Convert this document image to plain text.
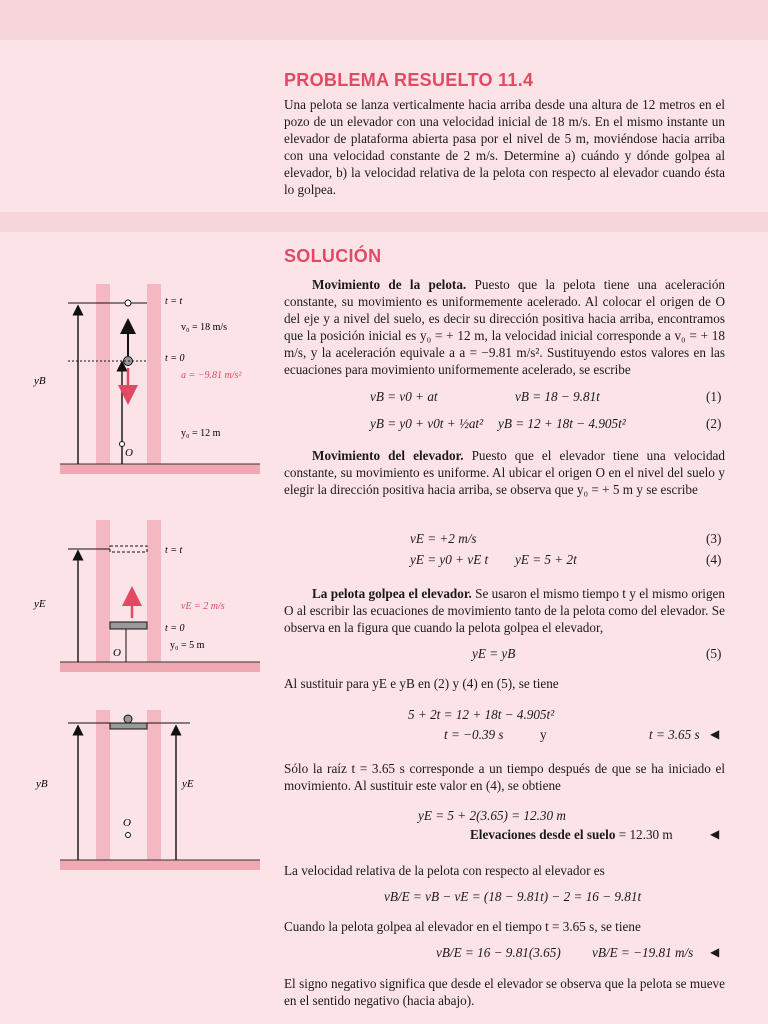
PROBLEMA RESUELTO 11.4
Una pelota se lanza verticalmente hacia arriba desde una altura de 12 metros en el pozo de un elevador con una velocidad inicial de 18 m/s. En el mismo instante un elevador de plataforma abierta pasa por el nivel de 5 m, moviéndose hacia arriba con una velocidad constante de 2 m/s. Determine a) cuándo y dónde golpea al elevador, b) la velocidad relativa de la pelota con respecto al elevador cuando ésta lo golpea.
SOLUCIÓN
Movimiento de la pelota. Puesto que la pelota tiene una aceleración constante, su movimiento es uniformemente acelerado. Al colocar el origen de O del eje y a nivel del suelo, es decir su dirección positiva hacia arriba, encontramos que la posición inicial es y₀ = + 12 m, la velocidad inicial corresponde a v₀ = + 18 m/s, y la aceleración equivale a a = −9.81 m/s². Sustituyendo estos valores en las ecuaciones para movimiento uniformemente acelerado, se escribe
vB = v0 + at	vB = 18 − 9.81t	(1)
yB = y0 + v0t + ½at² yB = 12 + 18t − 4.905t²	(2)
Movimiento del elevador. Puesto que el elevador tiene una velocidad constante, su movimiento es uniforme. Al ubicar el origen O en el nivel del suelo y elegir la dirección positiva hacia arriba, se observa que y₀ = + 5 m y se escribe
vE = +2 m/s	(3)
yE = y0 + vE t yE = 5 + 2t	(4)
La pelota golpea el elevador. Se usaron el mismo tiempo t y el mismo origen O al escribir las ecuaciones de movimiento tanto de la pelota como del elevador. Se observa en la figura que cuando la pelota golpea el elevador,
yE = yB	(5)
Al sustituir para yE e yB en (2) y (4) en (5), se tiene
5 + 2t = 12 + 18t − 4.905t²
t = −0.39 s	y	t = 3.65 s ◀
Sólo la raíz t = 3.65 s corresponde a un tiempo después de que se ha iniciado el movimiento. Al sustituir este valor en (4), se obtiene
yE = 5 + 2(3.65) = 12.30 m
Elevaciones desde el suelo = 12.30 m	◀
La velocidad relativa de la pelota con respecto al elevador es
vB/E = vB − vE = (18 − 9.81t) − 2 = 16 − 9.81t
Cuando la pelota golpea al elevador en el tiempo t = 3.65 s, se tiene
vB/E = 16 − 9.81(3.65) vB/E = −19.81 m/s ◀
El signo negativo significa que desde el elevador se observa que la pelota se mueve en el sentido negativo (hacia abajo).
t = t
v₀ = 18 m/s
t = 0
a = −9.81 m/s²
yB
y₀ = 12 m
O
t = t
vE = 2 m/s
t = 0
y₀ = 5 m
yE
O
yB	yE
O
